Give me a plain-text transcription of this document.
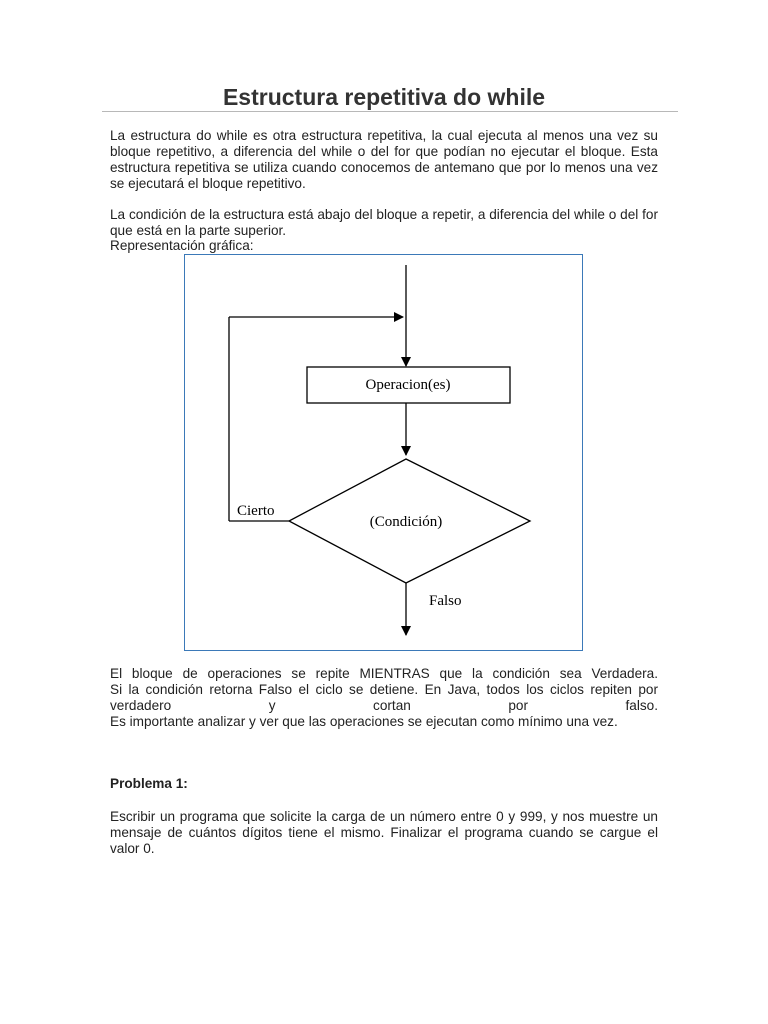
Estructura repetitiva do while

La estructura do while es otra estructura repetitiva, la cual ejecuta al menos una vez su bloque repetitivo, a diferencia del while o del for que podían no ejecutar el bloque. Esta estructura repetitiva se utiliza cuando conocemos de antemano que por lo menos una vez se ejecutará el bloque repetitivo.

La condición de la estructura está abajo del bloque a repetir, a diferencia del while o del for que está en la parte superior.

Representación gráfica:

Operacion(es)
(Condición)
Cierto
Falso
El bloque de operaciones se repite MIENTRAS que la condición sea Verdadera.
Si la condición retorna Falso el ciclo se detiene. En Java, todos los ciclos repiten por
verdadero y cortan por falso.
Es importante analizar y ver que las operaciones se ejecutan como mínimo una vez.

Problema 1:

Escribir un programa que solicite la carga de un número entre 0 y 999, y nos muestre un mensaje de cuántos dígitos tiene el mismo. Finalizar el programa cuando se cargue el valor 0.
